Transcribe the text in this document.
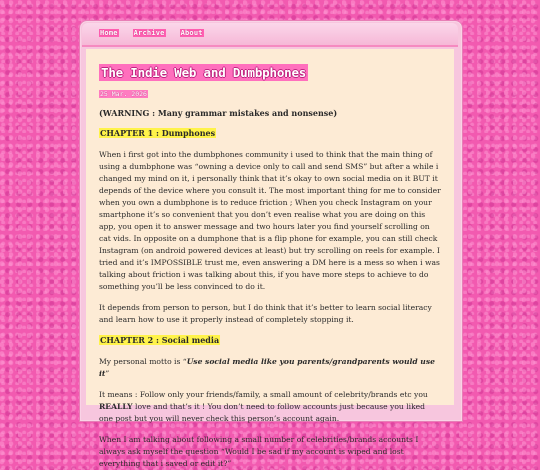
Home Archive About
The Indie Web and Dumbphones
25 Mar. 2026

(WARNING : Many grammar mistakes and nonsense)

CHAPTER 1 : Dumphones

When i first got into the dumbphones community i used to think that the main thing of using a dumbphone was “owning a device only to call and send SMS” but after a while i changed my mind on it, i personally think that it’s okay to own social media on it BUT it depends of the device where you consult it. The most important thing for me to consider when you own a dumbphone is to reduce friction ; When you check Instagram on your smartphone it’s so convenient that you don’t even realise what you are doing on this app, you open it to answer message and two hours later you find yourself scrolling on cat vids. In opposite on a dumphone that is a flip phone for example, you can still check Instagram (on android powered devices at least) but try scrolling on reels for example. I tried and it’s IMPOSSIBLE trust me, even answering a DM here is a mess so when i was talking about friction i was talking about this, if you have more steps to achieve to do something you’ll be less convinced to do it.

It depends from person to person, but I do think that it’s better to learn social literacy and learn how to use it properly instead of completely stopping it.

CHAPTER 2 : Social media

My personal motto is “Use social media like you parents/grandparents would use it”

It means : Follow only your friends/family, a small amount of celebrity/brands etc you REALLY love and that’s it ! You don’t need to follow accounts just because you liked one post but you will never check this person’s account again.

When I am talking about following a small number of celebrities/brands accounts I always ask myself the question “Would I be sad if my account is wiped and lost everything that i saved or edit it?”
